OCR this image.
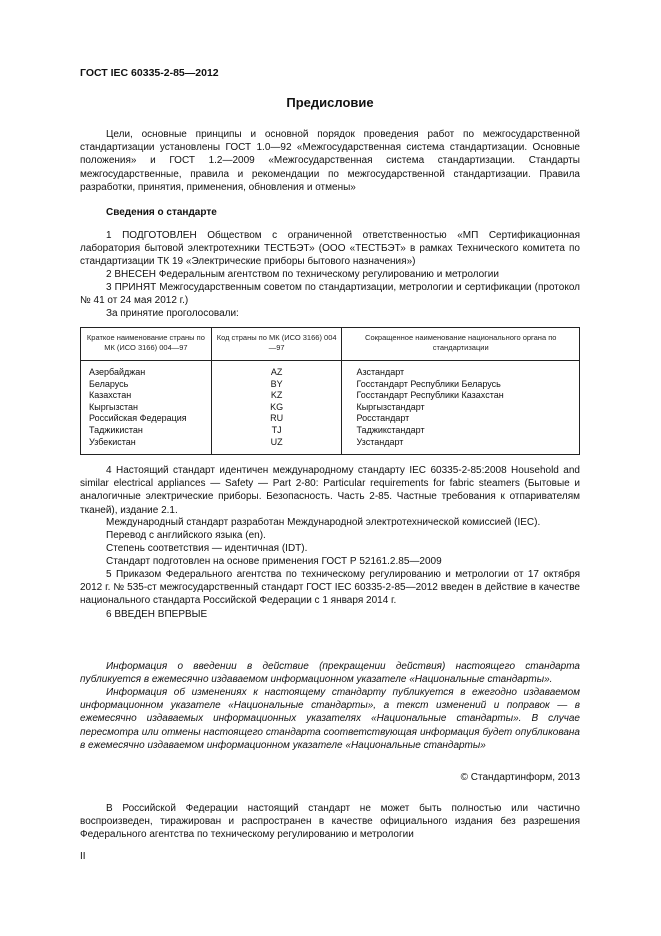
ГОСТ IEC 60335-2-85—2012
Предисловие

Цели, основные принципы и основной порядок проведения работ по межгосударственной стандартизации установлены ГОСТ 1.0—92 «Межгосударственная система стандартизации. Основные положения» и ГОСТ 1.2—2009 «Межгосударственная система стандартизации. Стандарты межгосударственные, правила и рекомендации по межгосударственной стандартизации. Правила разработки, принятия, применения, обновления и отмены»

Сведения о стандарте

1 ПОДГОТОВЛЕН Обществом с ограниченной ответственностью «МП Сертификационная лаборатория бытовой электротехники ТЕСТБЭТ» (ООО «ТЕСТБЭТ» в рамках Технического комитета по стандартизации ТК 19 «Электрические приборы бытового назначения»)

2 ВНЕСЕН Федеральным агентством по техническому регулированию и метрологии

3 ПРИНЯТ Межгосударственным советом по стандартизации, метрологии и сертификации (протокол № 41 от 24 мая 2012 г.)

За принятие проголосовали:

Краткое наименование страны по МК (ИСО 3166) 004—97	Код страны по МК (ИСО 3166) 004—97	Сокращенное наименование национального органа по стандартизации
Азербайджан	AZ	Азстандарт
Беларусь	BY	Госстандарт Республики Беларусь
Казахстан	KZ	Госстандарт Республики Казахстан
Кыргызстан	KG	Кыргызстандарт
Российская Федерация	RU	Росстандарт
Таджикистан	TJ	Таджикстандарт
Узбекистан	UZ	Узстандарт

4 Настоящий стандарт идентичен международному стандарту IEC 60335-2-85:2008 Household and similar electrical appliances — Safety — Part 2-80: Particular requirements for fabric steamers (Бытовые и аналогичные электрические приборы. Безопасность. Часть 2-85. Частные требования к отпаривателям тканей), издание 2.1.

Международный стандарт разработан Международной электротехнической комиссией (IEC).

Перевод с английского языка (en).

Степень соответствия — идентичная (IDT).

Стандарт подготовлен на основе применения ГОСТ Р 52161.2.85—2009

5 Приказом Федерального агентства по техническому регулированию и метрологии от 17 октября 2012 г. № 535-ст межгосударственный стандарт ГОСТ IEC 60335-2-85—2012 введен в действие в качестве национального стандарта Российской Федерации с 1 января 2014 г.

6 ВВЕДЕН ВПЕРВЫЕ

Информация о введении в действие (прекращении действия) настоящего стандарта публикуется в ежемесячно издаваемом информационном указателе «Национальные стандарты».

Информация об изменениях к настоящему стандарту публикуется в ежегодно издаваемом информационном указателе «Национальные стандарты», а текст изменений и поправок — в ежемесячно издаваемых информационных указателях «Национальные стандарты». В случае пересмотра или отмены настоящего стандарта соответствующая информация будет опубликована в ежемесячно издаваемом информационном указателе «Национальные стандарты»

© Стандартинформ, 2013

В Российской Федерации настоящий стандарт не может быть полностью или частично воспроизведен, тиражирован и распространен в качестве официального издания без разрешения Федерального агентства по техническому регулированию и метрологии

II
